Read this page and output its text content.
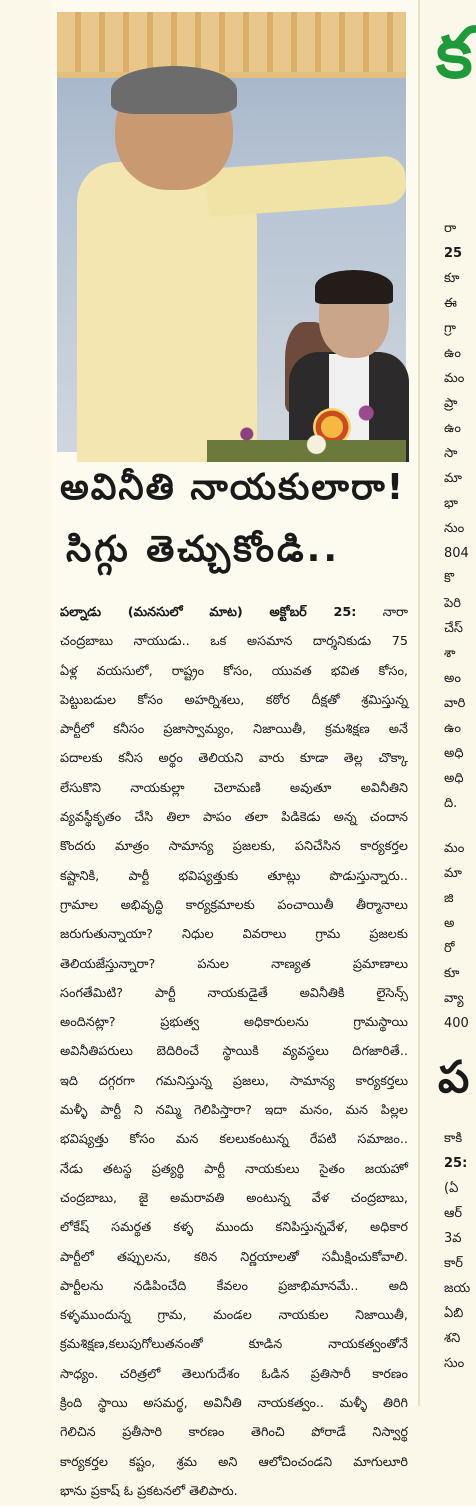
అవినీతి నాయకులారా!
సిగ్గు తెచ్చుకోండి..
పల్నాడు (మనసులో మాట) అక్టోబర్ 25: నారా
చంద్రబాబు నాయుడు.. ఒక అసమాన దార్శనికుడు 75
ఏళ్ల వయసులో, రాష్ట్రం కోసం, యువత భవిత కోసం,
పెట్టుబడుల కోసం అహర్నిశలు, కఠోర దీక్షతో శ్రమిస్తున్న
పార్టీలో కనీసం ప్రజాస్వామ్యం, నిజాయితీ, క్రమశిక్షణ అనే
పదాలకు కనీస అర్థం తెలియని వారు కూడా తెల్ల చొక్కా
లేసుకొని నాయకుల్లా చెలామణి అవుతూ అవినీతిని
వ్యవస్థీకృతం చేసి తిలా పాపం తలా పిడికెడు అన్న చందాన
కొందరు మాత్రం సామాన్య ప్రజలకు, పనిచేసిన కార్యకర్తల
కష్టానికి, పార్టీ భవిష్యత్తుకు తూట్లు పొడుస్తున్నారు..
గ్రామాల అభివృద్ధి కార్యక్రమాలకు పంచాయితీ తీర్మానాలు
జరుగుతున్నాయా? నిధుల వివరాలు గ్రామ ప్రజలకు
తెలియజేస్తున్నారా? పనుల నాణ్యత ప్రమాణాలు
సంగతేమిటి? పార్టీ నాయకుడైతే అవినీతికి లైసెన్స్
అందినట్లా? ప్రభుత్వ అధికారులను గ్రామస్థాయి
అవినీతిపరులు బెదిరించే స్థాయికి వ్యవస్థలు దిగజారితే..
ఇది దగ్గరగా గమనిస్తున్న ప్రజలు, సామాన్య కార్యకర్తలు
మళ్ళీ పార్టీ ని నమ్మి గెలిపిస్తారా? ఇదా మనం, మన పిల్లల
భవిష్యత్తు కోసం మన కలలుకంటున్న రేపటి సమాజం..
నేడు తటస్థ ప్రత్యర్థి పార్టీ నాయకులు సైతం జయహో
చంద్రబాబు, జై అమరావతి అంటున్న వేళ చంద్రబాబు,
లోకేష్ సమర్థత కళ్ళ ముందు కనిపిస్తున్నవేళ, అధికార
పార్టీలో తప్పులను, కఠిన నిర్ణయాలతో సమీక్షించుకోవాలి.
పార్టీలను నడిపించేది కేవలం ప్రజాభిమానమే.. అది
కళ్ళముందున్న గ్రామ, మండల నాయకుల నిజాయితీ,
క్రమశిక్షణ,కలుపుగోలుతనంతో కూడిన నాయకత్వంతోనే
సాధ్యం. చరిత్రలో తెలుగుదేశం ఓడిన ప్రతిసారీ కారణం
క్రింది స్థాయి అసమర్థ, అవినీతి నాయకత్వం.. మళ్ళీ తిరిగి
గెలిచిన ప్రతీసారి కారణం తెగించి పోరాడే నిస్వార్థ
కార్యకర్తల కష్టం, శ్రమ అని ఆలోచించండని మాగులూరి
భాను ప్రకాష్ ఓ ప్రకటనలో తెలిపారు.
క
రా
25
కూ
ఈ
గ్రా
ఉం
మం
ప్రా
ఉం
సా
మా
భా
నుం
804
కొ
పెరి
చేస్
శా
అం
వారి
ఉం
అధి
అధి
ది.
మం
మా
జి
అ
రో
కూ
వ్యా
400
ప
కాకి
25:
(ఏ
ఆర్
3వ
కార్
జయ
ఏబి
శని
సుం
